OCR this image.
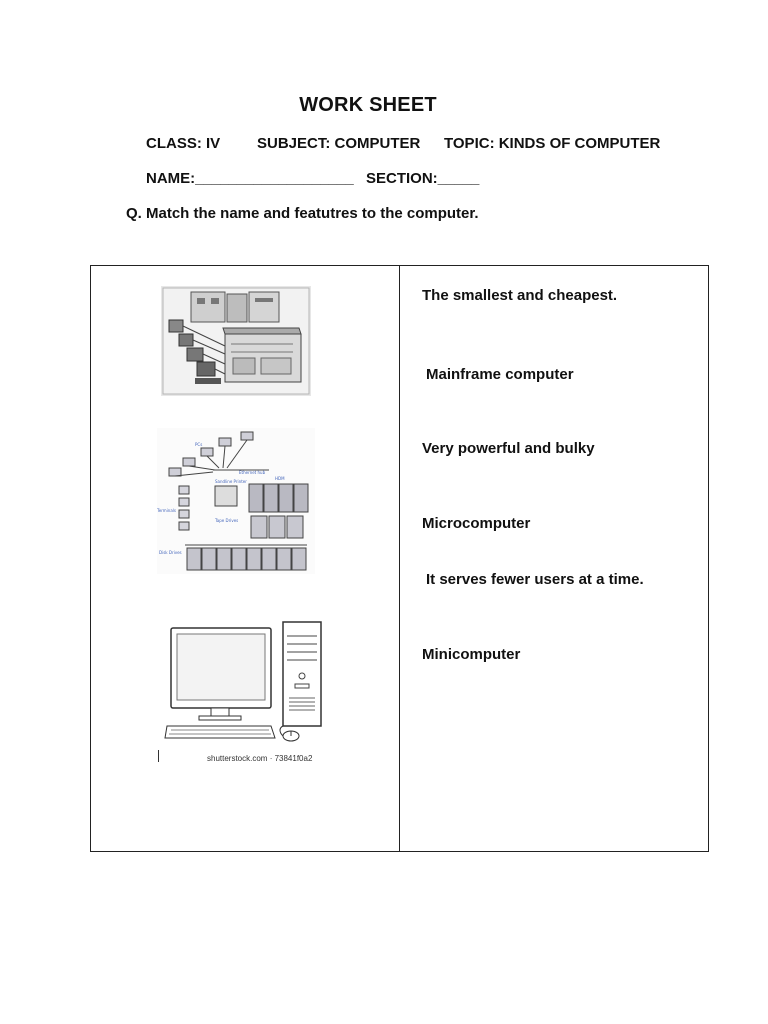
WORK SHEET
CLASS: IV SUBJECT: COMPUTER TOPIC: KINDS OF COMPUTER
NAME:___________________ SECTION:_____
Q. Match the name and featutres to the computer.
PCs
Ethernet hub
HDM
Terminals
Sandline Printer
Tape Drives
Disk Drives
shutterstock.com · 73841f0a2
The smallest and cheapest.
Mainframe computer
Very powerful and bulky
Microcomputer
It serves fewer users at a time.
Minicomputer
